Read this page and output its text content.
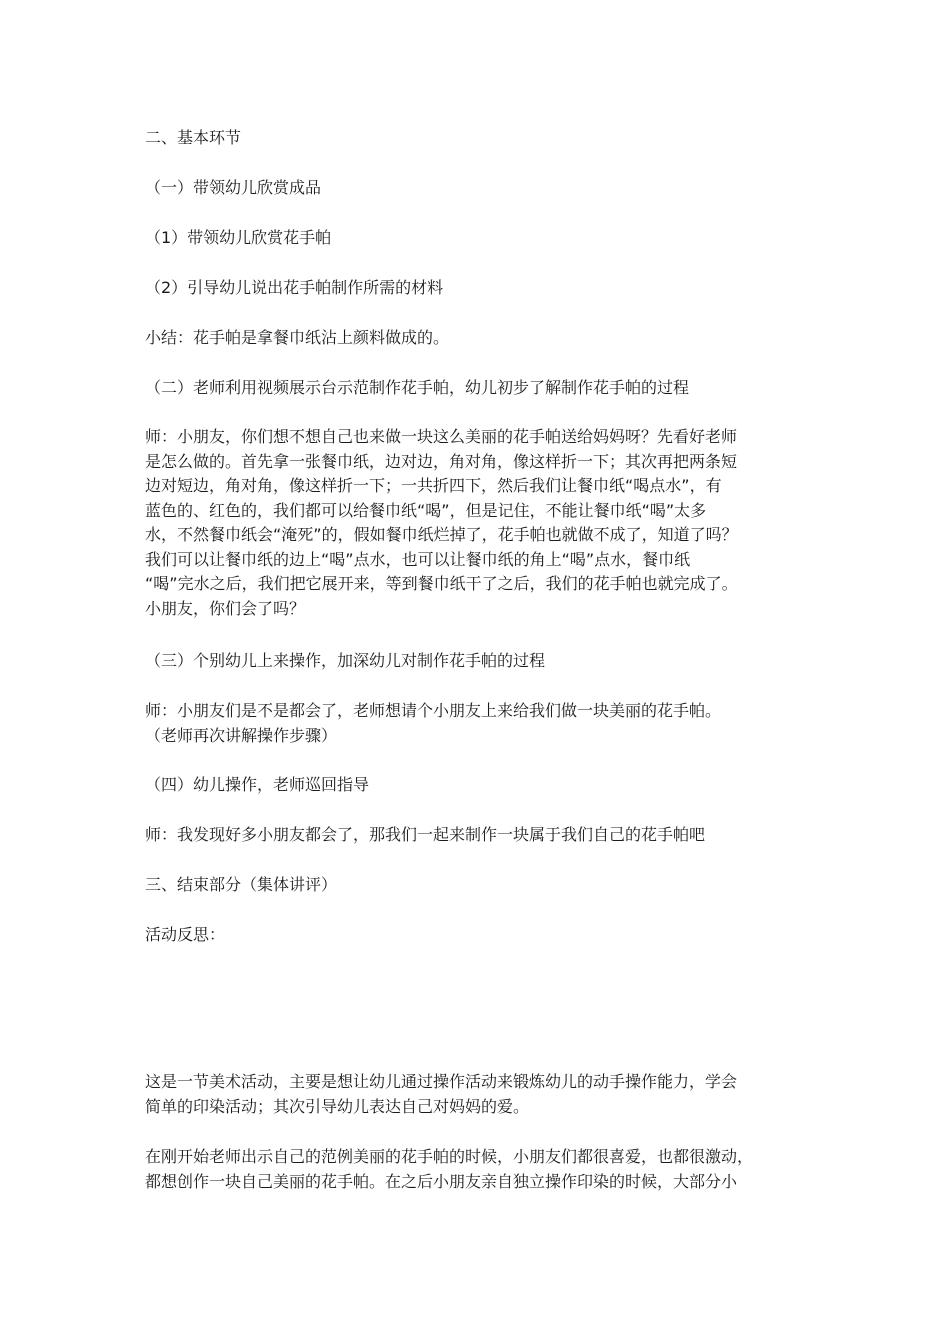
二、基本环节
（一）带领幼儿欣赏成品
（1）带领幼儿欣赏花手帕
（2）引导幼儿说出花手帕制作所需的材料
小结：花手帕是拿餐巾纸沾上颜料做成的。
（二）老师利用视频展示台示范制作花手帕，幼儿初步了解制作花手帕的过程
师：小朋友，你们想不想自己也来做一块这么美丽的花手帕送给妈妈呀？先看好老师
是怎么做的。首先拿一张餐巾纸，边对边，角对角，像这样折一下；其次再把两条短
边对短边，角对角，像这样折一下；一共折四下，然后我们让餐巾纸“喝点水”，有
蓝色的、红色的，我们都可以给餐巾纸“喝”，但是记住，不能让餐巾纸“喝”太多
水，不然餐巾纸会“淹死”的，假如餐巾纸烂掉了，花手帕也就做不成了，知道了吗？
我们可以让餐巾纸的边上“喝”点水，也可以让餐巾纸的角上“喝”点水，餐巾纸
“喝”完水之后，我们把它展开来，等到餐巾纸干了之后，我们的花手帕也就完成了。
小朋友，你们会了吗？
（三）个别幼儿上来操作，加深幼儿对制作花手帕的过程
师：小朋友们是不是都会了，老师想请个小朋友上来给我们做一块美丽的花手帕。
（老师再次讲解操作步骤）
（四）幼儿操作，老师巡回指导
师：我发现好多小朋友都会了，那我们一起来制作一块属于我们自己的花手帕吧
三、结束部分（集体讲评）
活动反思：
这是一节美术活动，主要是想让幼儿通过操作活动来锻炼幼儿的动手操作能力，学会
简单的印染活动；其次引导幼儿表达自己对妈妈的爱。
在刚开始老师出示自己的范例美丽的花手帕的时候，小朋友们都很喜爱，也都很激动，
都想创作一块自己美丽的花手帕。在之后小朋友亲自独立操作印染的时候，大部分小
